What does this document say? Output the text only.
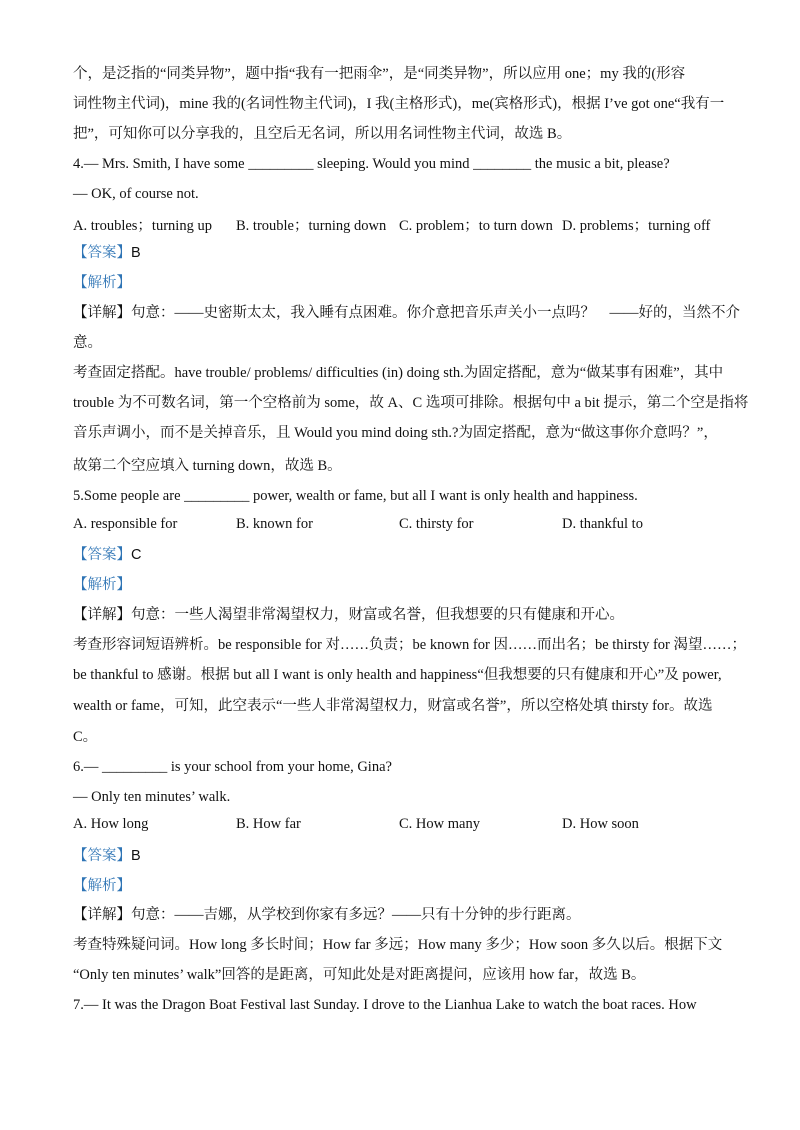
个，是泛指的“同类异物”，题中指“我有一把雨伞”，是“同类异物”，所以应用 one；my 我的(形容
词性物主代词)，mine 我的(名词性物主代词)，I 我(主格形式)，me(宾格形式)，根据 I’ve got one“我有一
把”，可知你可以分享我的，且空后无名词，所以用名词性物主代词，故选 B。
4.— Mrs. Smith, I have some _________ sleeping. Would you mind ________ the music a bit, please?
— OK, of course not.
A. troubles；turning up B. trouble；turning down C. problem；to turn down D. problems；turning off
【答案】B
【解析】
【详解】句意：——史密斯太太，我入睡有点困难。你介意把音乐声关小一点吗？　——好的，当然不介
意。
考查固定搭配。have trouble/ problems/ difficulties (in) doing sth.为固定搭配，意为“做某事有困难”，其中
trouble 为不可数名词，第一个空格前为 some，故 A、C 选项可排除。根据句中 a bit 提示，第二个空是指将
音乐声调小，而不是关掉音乐，且 Would you mind doing sth.?为固定搭配，意为“做这事你介意吗？”，
故第二个空应填入 turning down，故选 B。
5.Some people are _________ power, wealth or fame, but all I want is only health and happiness.
A. responsible for	B. known for	C. thirsty for	D. thankful to
【答案】C
【解析】
【详解】句意：一些人渴望非常渴望权力，财富或名誉，但我想要的只有健康和开心。
考查形容词短语辨析。be responsible for 对……负责；be known for 因……而出名；be thirsty for 渴望……；
be thankful to 感谢。根据 but all I want is only health and happiness“但我想要的只有健康和开心”及 power,
wealth or fame，可知，此空表示“一些人非常渴望权力，财富或名誉”，所以空格处填 thirsty for。故选
C。
6.— _________ is your school from your home, Gina?
— Only ten minutes’ walk.
A. How long	B. How far	C. How many	D. How soon
【答案】B
【解析】
【详解】句意：——吉娜，从学校到你家有多远？——只有十分钟的步行距离。
考查特殊疑问词。How long 多长时间；How far 多远；How many 多少；How soon 多久以后。根据下文
“Only ten minutes’ walk”回答的是距离，可知此处是对距离提问，应该用 how far，故选 B。
7.— It was the Dragon Boat Festival last Sunday. I drove to the Lianhua Lake to watch the boat races. How
